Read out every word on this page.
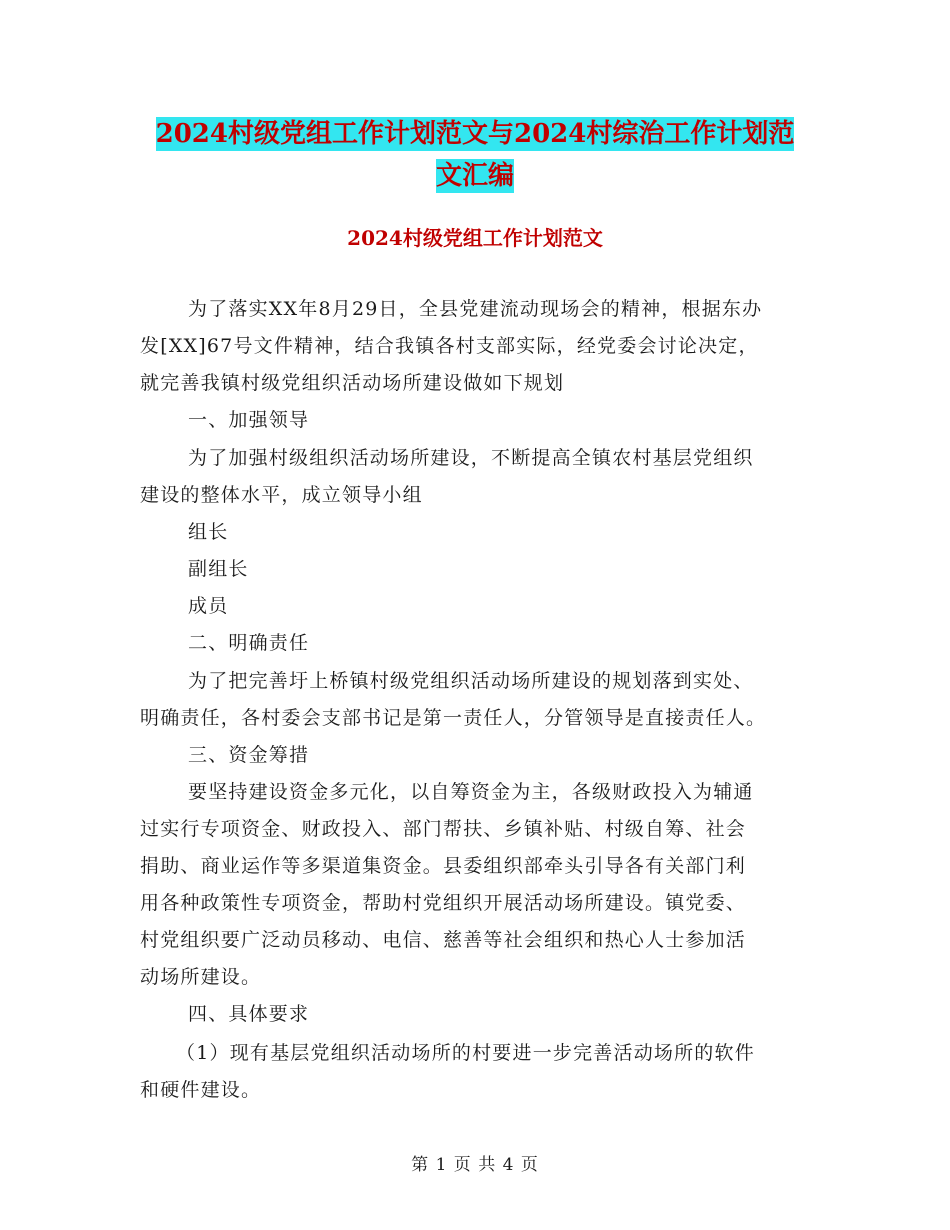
2024村级党组工作计划范文与2024村综治工作计划范
文汇编
2024村级党组工作计划范文
为了落实XX年8月29日，全县党建流动现场会的精神，根据东办
发[XX]67号文件精神，结合我镇各村支部实际，经党委会讨论决定，
就完善我镇村级党组织活动场所建设做如下规划
一、加强领导
为了加强村级组织活动场所建设，不断提高全镇农村基层党组织
建设的整体水平，成立领导小组
组长
副组长
成员
二、明确责任
为了把完善圩上桥镇村级党组织活动场所建设的规划落到实处、
明确责任，各村委会支部书记是第一责任人，分管领导是直接责任人。
三、资金筹措
要坚持建设资金多元化，以自筹资金为主，各级财政投入为辅通
过实行专项资金、财政投入、部门帮扶、乡镇补贴、村级自筹、社会
捐助、商业运作等多渠道集资金。县委组织部牵头引导各有关部门利
用各种政策性专项资金，帮助村党组织开展活动场所建设。镇党委、
村党组织要广泛动员移动、电信、慈善等社会组织和热心人士参加活
动场所建设。
四、具体要求
（1）现有基层党组织活动场所的村要进一步完善活动场所的软件
和硬件建设。
第 1 页 共 4 页
